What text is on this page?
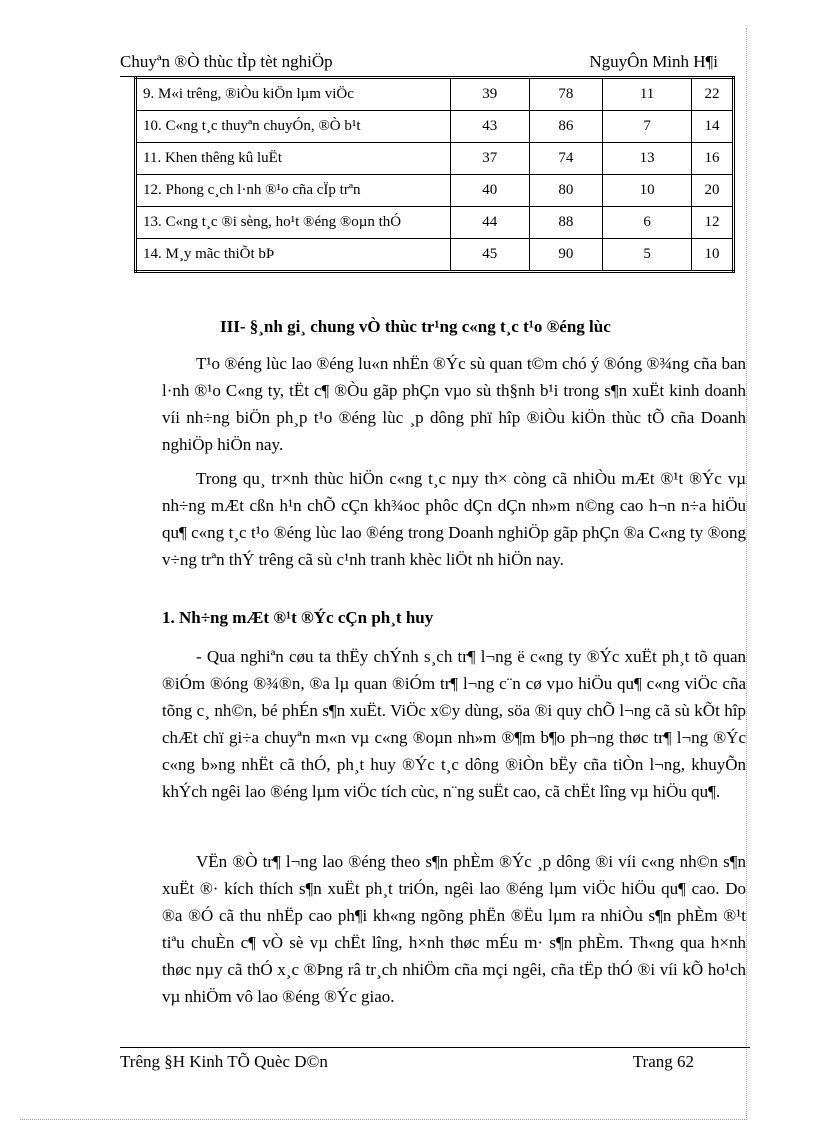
Chuyªn ®Ò thùc tÌp tèt nghiÖp	NguyÔn Minh H¶i
9. M«i trêng, ®iÒu kiÖn lµm viÖc	39	78	11	22
10. C«ng t¸c thuyªn chuyÓn, ®Ò b¹t	43	86	7	14
11. Khen thêng kû luËt	37	74	13	16
12. Phong c¸ch l·nh ®¹o cña cÏp trªn	40	80	10	20
13. C«ng t¸c ®i sèng, ho¹t ®éng ®oµn thÓ	44	88	6	12
14. M¸y mãc thiÕt bÞ	45	90	5	10
III- §¸nh gi¸ chung vÒ thùc tr¹ng c«ng t¸c t¹o ®éng lùc

T¹o ®éng lùc lao ®éng lu«n nhËn ®Ýc sù quan t©m chó ý ®óng ®¾ng cña ban l·nh ®¹o C«ng ty, tËt c¶ ®Òu gãp phÇn vµo sù th§nh b¹i trong s¶n xuËt kinh doanh víi nh÷ng biÖn ph¸p t¹o ®éng lùc ¸p dông phï hîp ®iÒu kiÖn thùc tÕ cña Doanh nghiÖp hiÖn nay.

Trong qu¸ tr×nh thùc hiÖn c«ng t¸c nµy th× còng cã nhiÒu mÆt ®¹t ®Ýc vµ nh÷ng mÆt cßn h¹n chÕ cÇn kh¾oc phôc dÇn dÇn nh»m n©ng cao h¬n n÷a hiÖu qu¶ c«ng t¸c t¹o ®éng lùc lao ®éng trong Doanh nghiÖp gãp phÇn ®a C«ng ty ®ong v÷ng trªn thÝ trêng cã sù c¹nh tranh khèc liÖt nh hiÖn nay.

1. Nh÷ng mÆt ®¹t ®Ýc cÇn ph¸t huy

- Qua nghiªn cøu ta thËy chÝnh s¸ch tr¶ l¬ng ë c«ng ty ®Ýc xuËt ph¸t tõ quan ®iÓm ®óng ®¾®n, ®a lµ quan ®iÓm tr¶ l¬ng c¨n cø vµo hiÖu qu¶ c«ng viÖc cña tõng c¸ nh©n, bé phÉn s¶n xuËt. ViÖc x©y dùng, söa ®i quy chÕ l¬ng cã sù kÕt hîp chÆt chï gi÷a chuyªn m«n vµ c«ng ®oµn nh»m ®¶m b¶o ph¬ng thøc tr¶ l¬ng ®Ýc c«ng b»ng nhËt cã thÓ, ph¸t huy ®Ýc t¸c dông ®iÒn bËy cña tiÒn l¬ng, khuyÕn khÝch ngêi lao ®éng lµm viÖc tích cùc, n¨ng suËt cao, cã chËt lîng vµ hiÖu qu¶.

VËn ®Ò tr¶ l¬ng lao ®éng theo s¶n phÈm ®Ýc ¸p dông ®i víi c«ng nh©n s¶n xuËt ®· kích thích s¶n xuËt ph¸t triÓn, ngêi lao ®éng lµm viÖc hiÖu qu¶ cao. Do ®a ®Ó cã thu nhËp cao ph¶i kh«ng ngõng phËn ®Ëu lµm ra nhiÒu s¶n phÈm ®¹t tiªu chuÈn c¶ vÒ sè vµ chËt lîng, h×nh thøc mÉu m· s¶n phÈm. Th«ng qua h×nh thøc nµy cã thÓ x¸c ®Þng râ tr¸ch nhiÖm cña mçi ngêi, cña tËp thÓ ®i víi kÕ ho¹ch vµ nhiÖm vô lao ®éng ®Ýc giao.

Trêng §H Kinh TÕ Quèc D©n	Trang 62
